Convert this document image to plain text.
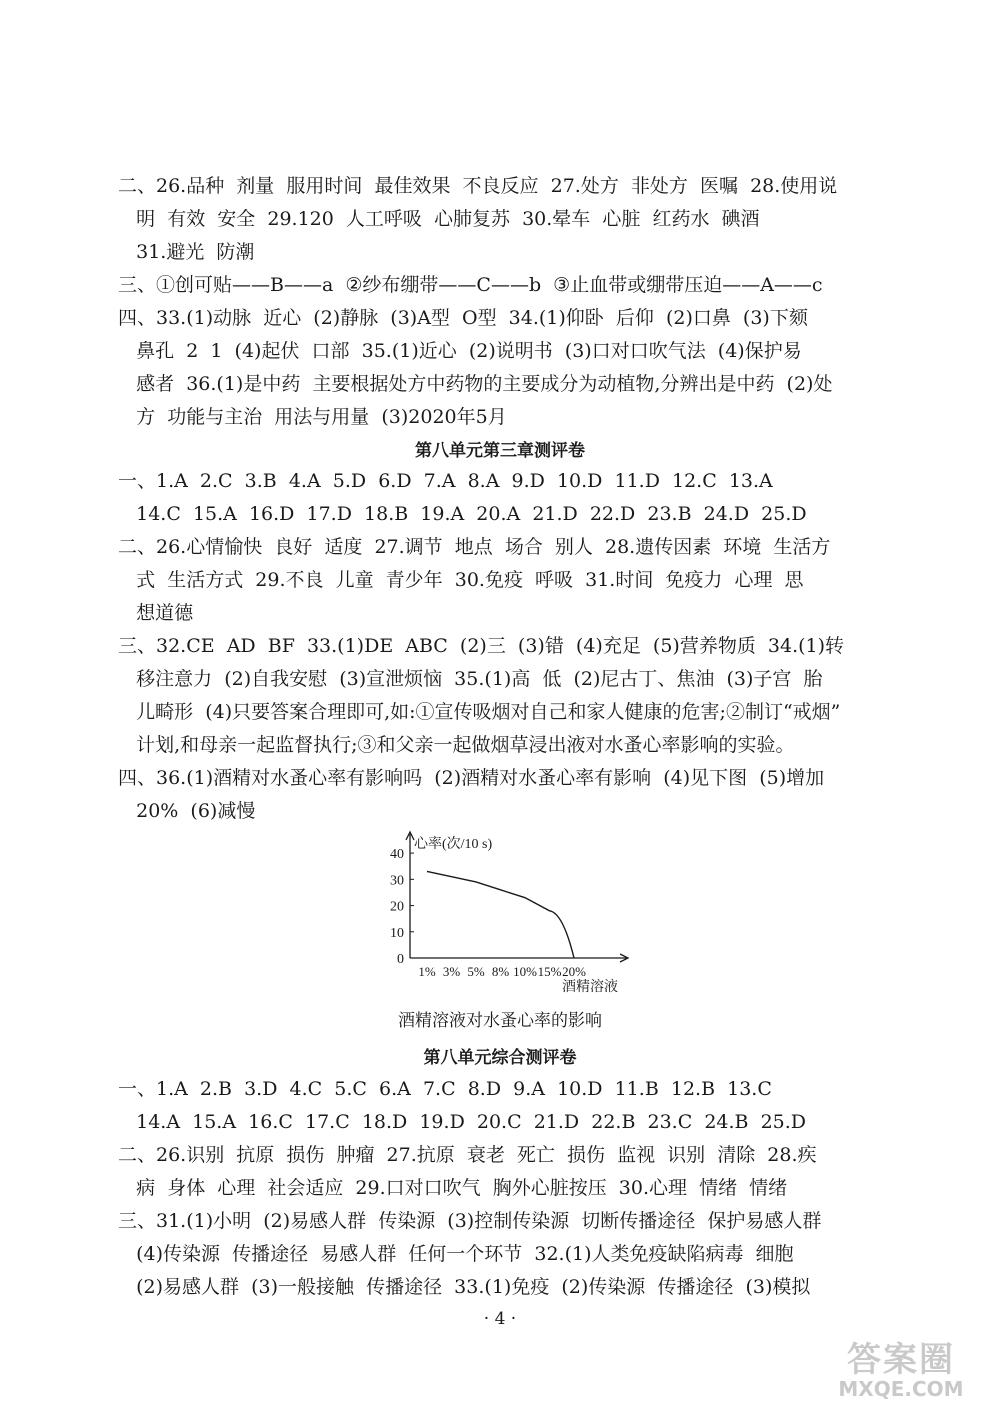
二、26.品种  剂量  服用时间  最佳效果  不良反应  27.处方  非处方  医嘱  28.使用说
明  有效  安全  29.120  人工呼吸  心肺复苏  30.晕车  心脏  红药水  碘酒
31.避光  防潮
三、①创可贴——B——a  ②纱布绷带——C——b  ③止血带或绷带压迫——A——c
四、33.(1)动脉  近心  (2)静脉  (3)A型  O型  34.(1)仰卧  后仰  (2)口鼻  (3)下颏
鼻孔  2  1  (4)起伏  口部  35.(1)近心  (2)说明书  (3)口对口吹气法  (4)保护易
感者  36.(1)是中药  主要根据处方中药物的主要成分为动植物,分辨出是中药  (2)处
方  功能与主治  用法与用量  (3)2020年5月
第八单元第三章测评卷
一、1.A  2.C  3.B  4.A  5.D  6.D  7.A  8.A  9.D  10.D  11.D  12.C  13.A
14.C  15.A  16.D  17.D  18.B  19.A  20.A  21.D  22.D  23.B  24.D  25.D
二、26.心情愉快  良好  适度  27.调节  地点  场合  别人  28.遗传因素  环境  生活方
式  生活方式  29.不良  儿童  青少年  30.免疫  呼吸  31.时间  免疫力  心理  思
想道德
三、32.CE  AD  BF  33.(1)DE  ABC  (2)三  (3)错  (4)充足  (5)营养物质  34.(1)转
移注意力  (2)自我安慰  (3)宣泄烦恼  35.(1)高  低  (2)尼古丁、焦油  (3)子宫  胎
儿畸形  (4)只要答案合理即可,如:①宣传吸烟对自己和家人健康的危害;②制订“戒烟”
计划,和母亲一起监督执行;③和父亲一起做烟草浸出液对水蚤心率影响的实验。
四、36.(1)酒精对水蚤心率有影响吗  (2)酒精对水蚤心率有影响  (4)见下图  (5)增加
20%  (6)减慢
心率(次/10 s)
酒精溶液
0
10
20
30
40
1% 3% 5% 8% 10% 15% 20%
酒精溶液对水蚤心率的影响
第八单元综合测评卷
一、1.A  2.B  3.D  4.C  5.C  6.A  7.C  8.D  9.A  10.D  11.B  12.B  13.C
14.A  15.A  16.C  17.C  18.D  19.D  20.C  21.D  22.B  23.C  24.B  25.D
二、26.识别  抗原  损伤  肿瘤  27.抗原  衰老  死亡  损伤  监视  识别  清除  28.疾
病  身体  心理  社会适应  29.口对口吹气  胸外心脏按压  30.心理  情绪  情绪
三、31.(1)小明  (2)易感人群  传染源  (3)控制传染源  切断传播途径  保护易感人群
(4)传染源  传播途径  易感人群  任何一个环节  32.(1)人类免疫缺陷病毒  细胞
(2)易感人群  (3)一般接触  传播途径  33.(1)免疫  (2)传染源  传播途径  (3)模拟
· 4 ·
答案圈
MXQE.COM
